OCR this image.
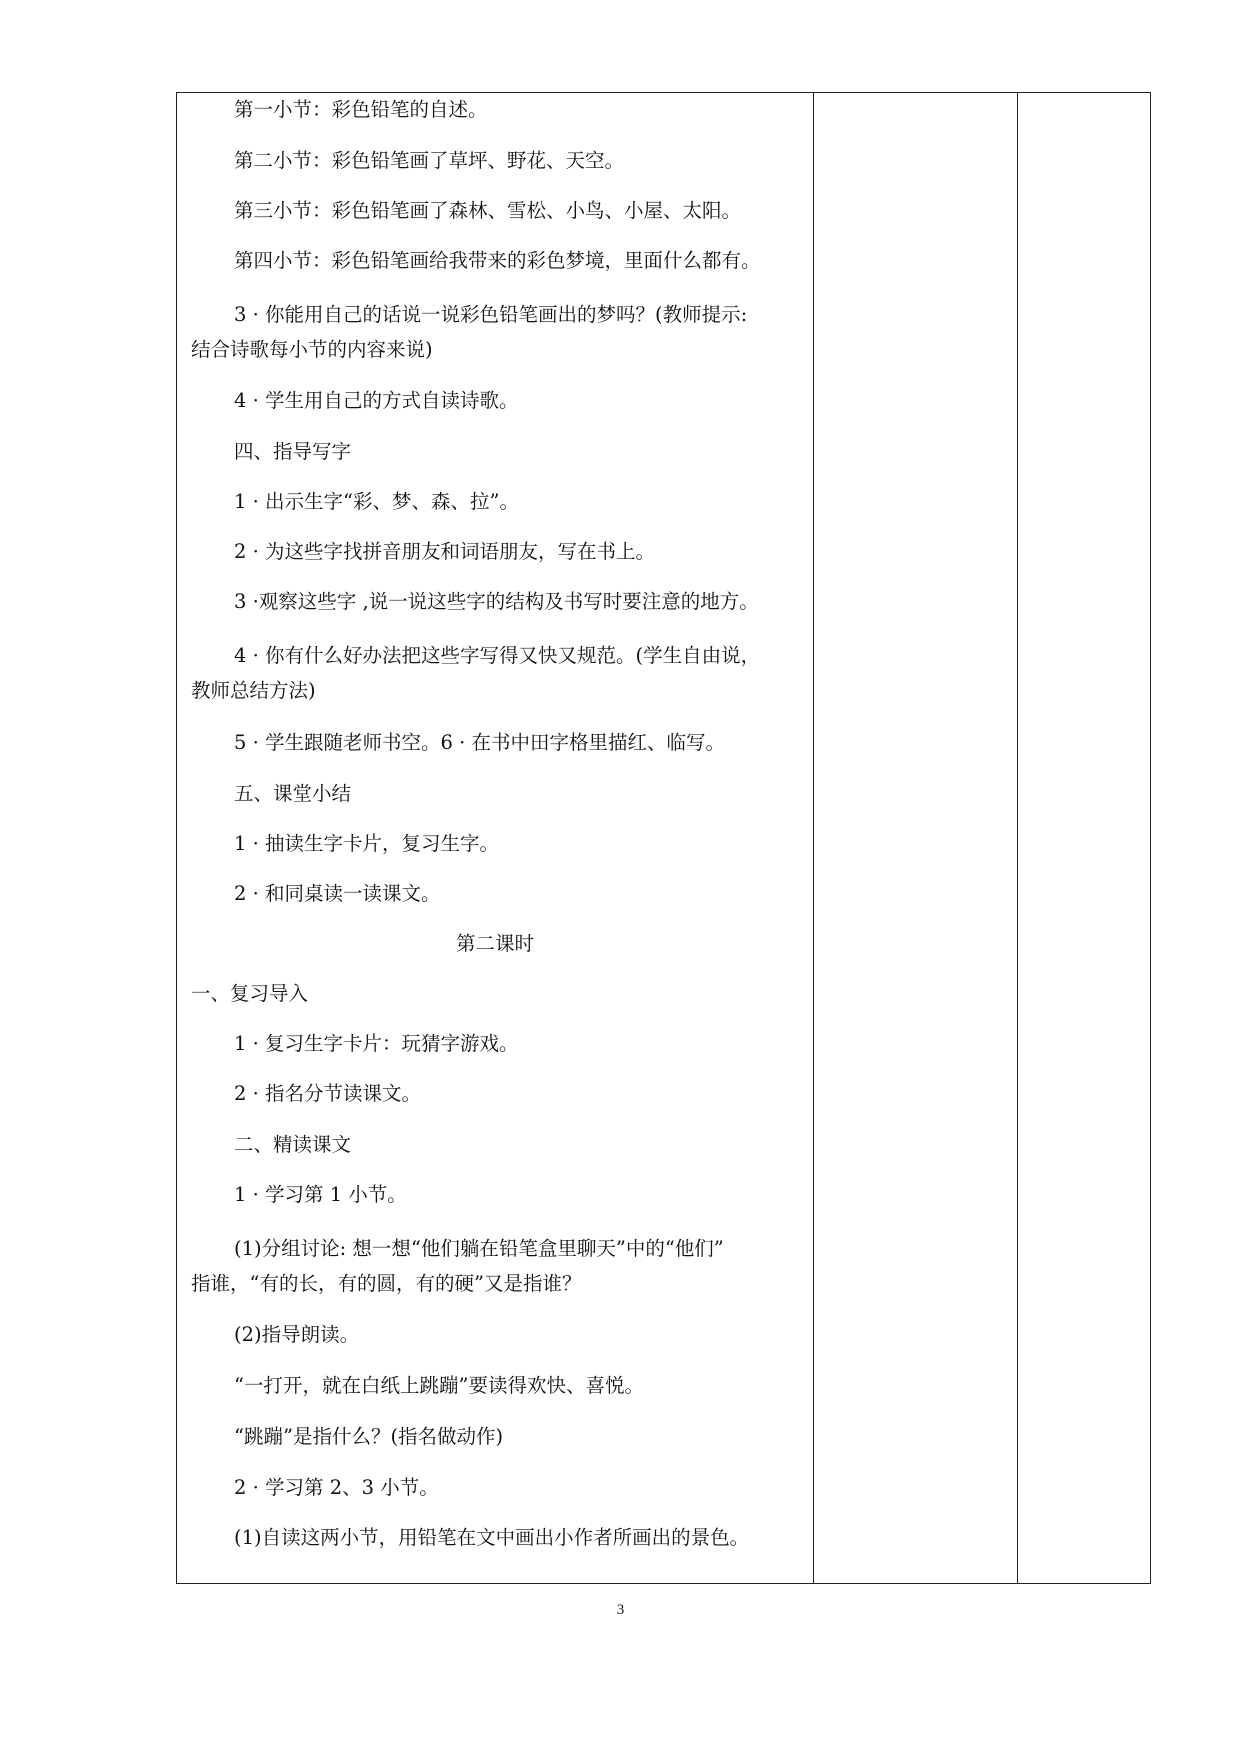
第一小节：彩色铅笔的自述。
第二小节：彩色铅笔画了草坪、野花、天空。
第三小节：彩色铅笔画了森林、雪松、小鸟、小屋、太阳。
第四小节：彩色铅笔画给我带来的彩色梦境，里面什么都有。
3 · 你能用自己的话说一说彩色铅笔画出的梦吗？(教师提示:
结合诗歌每小节的内容来说)
4 · 学生用自己的方式自读诗歌。
四、指导写字
1 · 出示生字“彩、梦、森、拉”。
2 · 为这些字找拼音朋友和词语朋友，写在书上。
3 ·观察这些字 ,说一说这些字的结构及书写时要注意的地方。
4 · 你有什么好办法把这些字写得又快又规范。(学生自由说，
教师总结方法)
5 · 学生跟随老师书空。6 · 在书中田字格里描红、临写。
五、课堂小结
1 · 抽读生字卡片，复习生字。
2 · 和同桌读一读课文。
第二课时
一、复习导入
1 · 复习生字卡片：玩猜字游戏。
2 · 指名分节读课文。
二、精读课文
1 · 学习第 1 小节。
(1)分组讨论: 想一想“他们躺在铅笔盒里聊天”中的“他们”
指谁，“有的长，有的圆，有的硬”又是指谁？
(2)指导朗读。
“一打开，就在白纸上跳蹦”要读得欢快、喜悦。
“跳蹦”是指什么？(指名做动作)
2 · 学习第 2、3 小节。
(1)自读这两小节，用铅笔在文中画出小作者所画出的景色。
3
